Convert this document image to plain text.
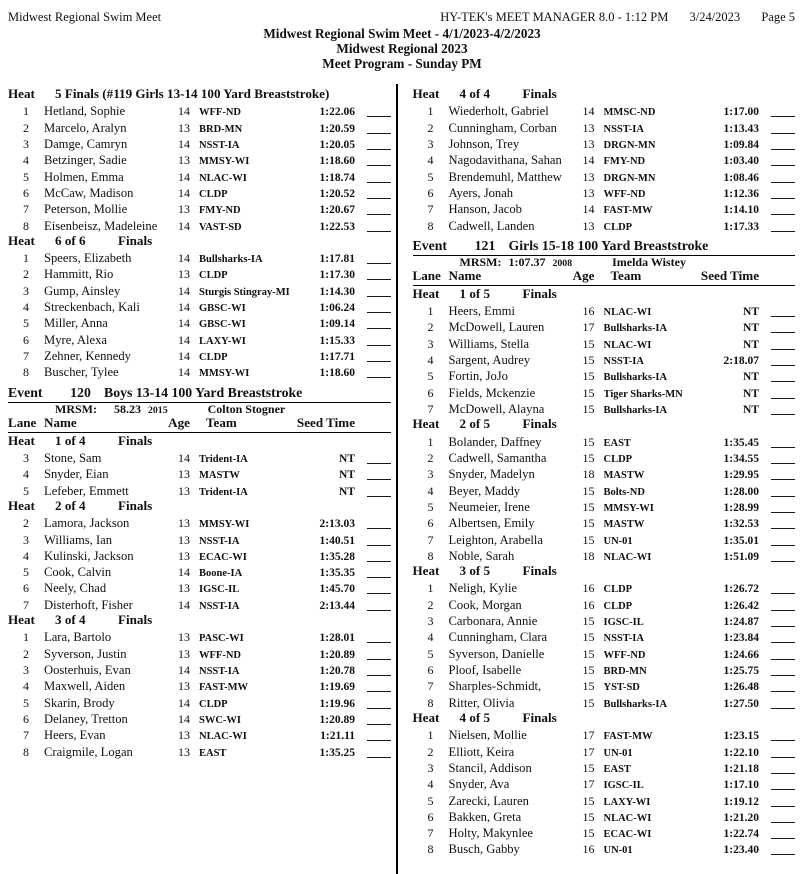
Midwest Regional Swim Meet	HY-TEK's MEET MANAGER 8.0 - 1:12 PM 3/24/2023 Page 5
Midwest Regional Swim Meet - 4/1/2023-4/2/2023
Midwest Regional 2023
Meet Program - Sunday PM
Heat	5 Finals (#119 Girls 13-14 100 Yard Breaststroke)
1	Hetland, Sophie	14 WFF-ND	1:22.06
2	Marcelo, Aralyn	13 BRD-MN	1:20.59
3	Damge, Camryn	14 NSST-IA	1:20.05
4	Betzinger, Sadie	13 MMSY-WI	1:18.60
5	Holmen, Emma	14 NLAC-WI	1:18.74
6	McCaw, Madison	14 CLDP	1:20.52
7	Peterson, Mollie	13 FMY-ND	1:20.67
8	Eisenbeisz, Madeleine	14 VAST-SD	1:22.53
Heat	6 of 6	Finals
1	Speers, Elizabeth	14 Bullsharks-IA	1:17.81
2	Hammitt, Rio	13 CLDP	1:17.30
3	Gump, Ainsley	14 Sturgis Stingray-MI	1:14.30
4	Streckenbach, Kali	14 GBSC-WI	1:06.24
5	Miller, Anna	14 GBSC-WI	1:09.14
6	Myre, Alexa	14 LAXY-WI	1:15.33
7	Zehner, Kennedy	14 CLDP	1:17.71
8	Buscher, Tylee	14 MMSY-WI	1:18.60
Event	120 Boys 13-14 100 Yard Breaststroke
MRSM:	58.23 2015	Colton Stogner
Lane Name	Age	Team	Seed Time
Heat	1 of 4	Finals
3	Stone, Sam	14 Trident-IA	NT
4	Snyder, Eian	13 MASTW	NT
5	Lefeber, Emmett	13 Trident-IA	NT
Heat	2 of 4	Finals
2	Lamora, Jackson	13 MMSY-WI	2:13.03
3	Williams, Ian	13 NSST-IA	1:40.51
4	Kulinski, Jackson	13 ECAC-WI	1:35.28
5	Cook, Calvin	14 Boone-IA	1:35.35
6	Neely, Chad	13 IGSC-IL	1:45.70
7	Disterhoft, Fisher	14 NSST-IA	2:13.44
Heat	3 of 4	Finals
1	Lara, Bartolo	13 PASC-WI	1:28.01
2	Syverson, Justin	13 WFF-ND	1:20.89
3	Oosterhuis, Evan	14 NSST-IA	1:20.78
4	Maxwell, Aiden	13 FAST-MW	1:19.69
5	Skarin, Brody	14 CLDP	1:19.96
6	Delaney, Tretton	14 SWC-WI	1:20.89
7	Heers, Evan	13 NLAC-WI	1:21.11
8	Craigmile, Logan	13 EAST	1:35.25
Heat	4 of 4	Finals
1	Wiederholt, Gabriel	14 MMSC-ND	1:17.00
2	Cunningham, Corban	13 NSST-IA	1:13.43
3	Johnson, Trey	13 DRGN-MN	1:09.84
4	Nagodavithana, Sahan	14 FMY-ND	1:03.40
5	Brendemuhl, Matthew	13 DRGN-MN	1:08.46
6	Ayers, Jonah	13 WFF-ND	1:12.36
7	Hanson, Jacob	14 FAST-MW	1:14.10
8	Cadwell, Landen	13 CLDP	1:17.33
Event	121 Girls 15-18 100 Yard Breaststroke
MRSM: 1:07.37 2008	Imelda Wistey
Lane Name	Age	Team	Seed Time
Heat	1 of 5	Finals
1	Heers, Emmi	16 NLAC-WI	NT
2	McDowell, Lauren	17 Bullsharks-IA	NT
3	Williams, Stella	15 NLAC-WI	NT
4	Sargent, Audrey	15 NSST-IA	2:18.07
5	Fortin, JoJo	15 Bullsharks-IA	NT
6	Fields, Mckenzie	15 Tiger Sharks-MN	NT
7	McDowell, Alayna	15 Bullsharks-IA	NT
Heat	2 of 5	Finals
1	Bolander, Daffney	15 EAST	1:35.45
2	Cadwell, Samantha	15 CLDP	1:34.55
3	Snyder, Madelyn	18 MASTW	1:29.95
4	Beyer, Maddy	15 Bolts-ND	1:28.00
5	Neumeier, Irene	15 MMSY-WI	1:28.99
6	Albertsen, Emily	15 MASTW	1:32.53
7	Leighton, Arabella	15 UN-01	1:35.01
8	Noble, Sarah	18 NLAC-WI	1:51.09
Heat	3 of 5	Finals
1	Neligh, Kylie	16 CLDP	1:26.72
2	Cook, Morgan	16 CLDP	1:26.42
3	Carbonara, Annie	15 IGSC-IL	1:24.87
4	Cunningham, Clara	15 NSST-IA	1:23.84
5	Syverson, Danielle	15 WFF-ND	1:24.66
6	Ploof, Isabelle	15 BRD-MN	1:25.75
7	Sharples-Schmidt,	15 YST-SD	1:26.48
8	Ritter, Olivia	15 Bullsharks-IA	1:27.50
Heat	4 of 5	Finals
1	Nielsen, Mollie	17 FAST-MW	1:23.15
2	Elliott, Keira	17 UN-01	1:22.10
3	Stancil, Addison	15 EAST	1:21.18
4	Snyder, Ava	17 IGSC-IL	1:17.10
5	Zarecki, Lauren	15 LAXY-WI	1:19.12
6	Bakken, Greta	15 NLAC-WI	1:21.20
7	Holty, Makynlee	15 ECAC-WI	1:22.74
8	Busch, Gabby	16 UN-01	1:23.40
